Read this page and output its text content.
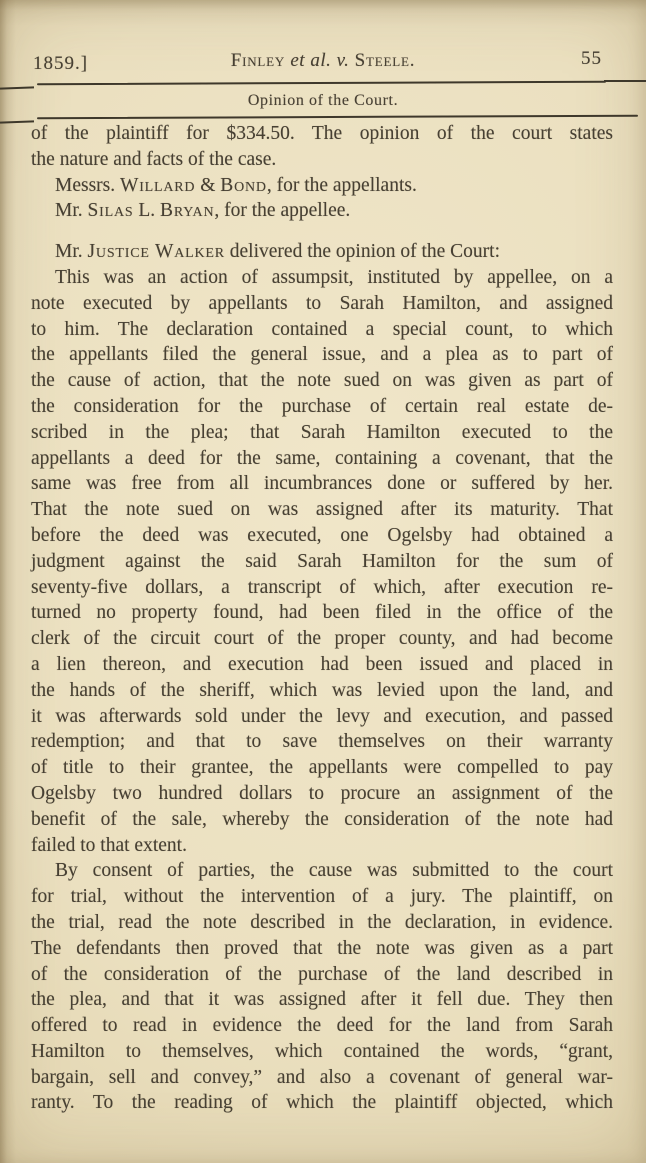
1859.]	Finley et al. v. Steele.	55
Opinion of the Court.
of the plaintiff for $334.50. The opinion of the court states
the nature and facts of the case.
Messrs. Willard & Bond, for the appellants.
Mr. Silas L. Bryan, for the appellee.
Mr. Justice Walker delivered the opinion of the Court:
This was an action of assumpsit, instituted by appellee, on a
note executed by appellants to Sarah Hamilton, and assigned
to him. The declaration contained a special count, to which
the appellants filed the general issue, and a plea as to part of
the cause of action, that the note sued on was given as part of
the consideration for the purchase of certain real estate de-
scribed in the plea; that Sarah Hamilton executed to the
appellants a deed for the same, containing a covenant, that the
same was free from all incumbrances done or suffered by her.
That the note sued on was assigned after its maturity. That
before the deed was executed, one Ogelsby had obtained a
judgment against the said Sarah Hamilton for the sum of
seventy-five dollars, a transcript of which, after execution re-
turned no property found, had been filed in the office of the
clerk of the circuit court of the proper county, and had become
a lien thereon, and execution had been issued and placed in
the hands of the sheriff, which was levied upon the land, and
it was afterwards sold under the levy and execution, and passed
redemption; and that to save themselves on their warranty
of title to their grantee, the appellants were compelled to pay
Ogelsby two hundred dollars to procure an assignment of the
benefit of the sale, whereby the consideration of the note had
failed to that extent.
By consent of parties, the cause was submitted to the court
for trial, without the intervention of a jury. The plaintiff, on
the trial, read the note described in the declaration, in evidence.
The defendants then proved that the note was given as a part
of the consideration of the purchase of the land described in
the plea, and that it was assigned after it fell due. They then
offered to read in evidence the deed for the land from Sarah
Hamilton to themselves, which contained the words, “grant,
bargain, sell and convey,” and also a covenant of general war-
ranty. To the reading of which the plaintiff objected, which
